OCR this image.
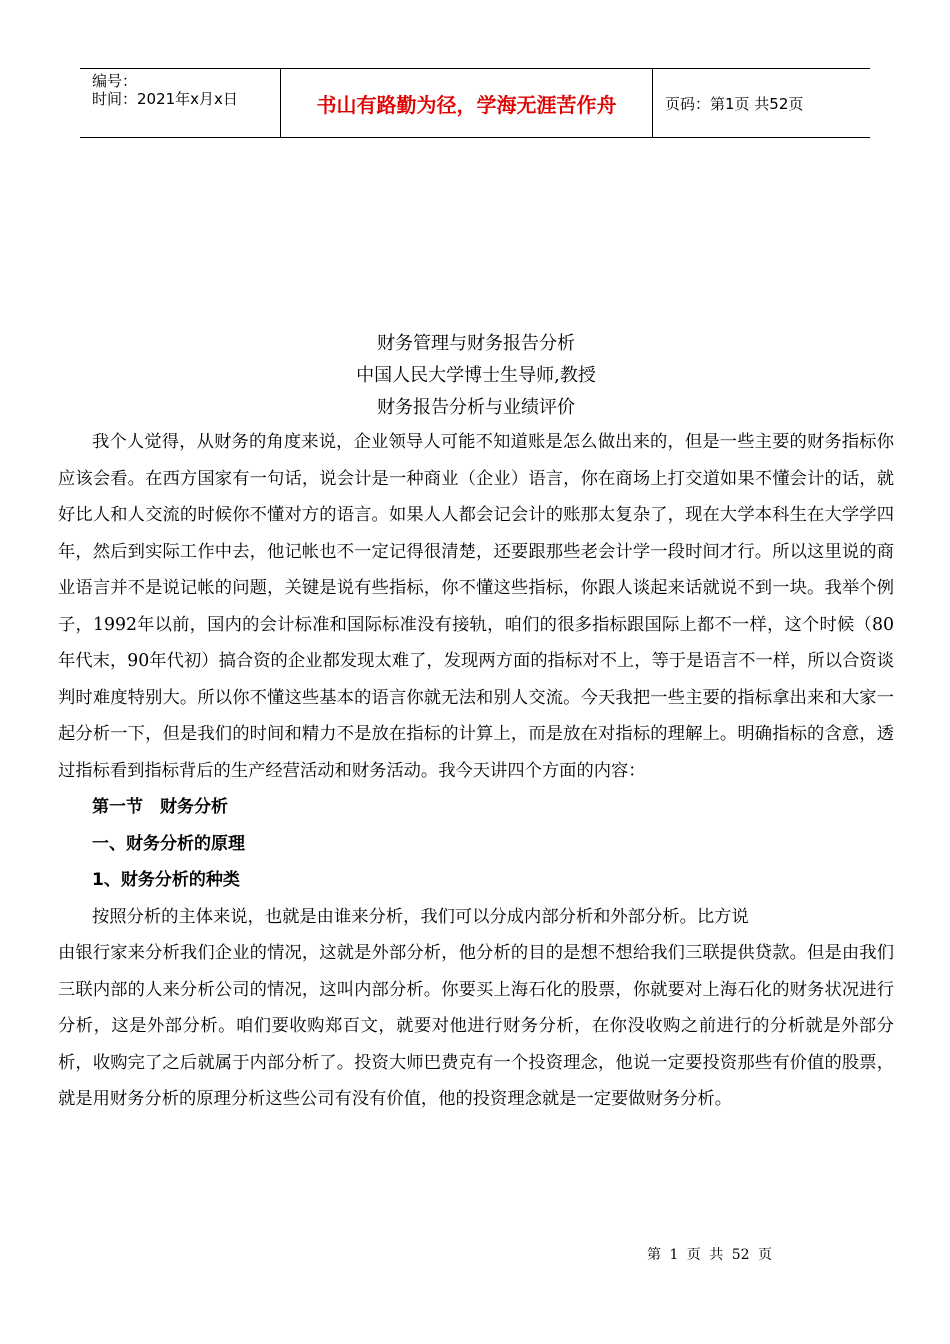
编号：
时间：2021年x月x日	书山有路勤为径，学海无涯苦作舟	页码：第1页 共52页
财务管理与财务报告分析
中国人民大学博士生导师,教授
财务报告分析与业绩评价

我个人觉得，从财务的角度来说，企业领导人可能不知道账是怎么做出来的，但是一些主要的财务指标你应该会看。在西方国家有一句话，说会计是一种商业（企业）语言，你在商场上打交道如果不懂会计的话，就好比人和人交流的时候你不懂对方的语言。如果人人都会记会计的账那太复杂了，现在大学本科生在大学学四年，然后到实际工作中去，他记帐也不一定记得很清楚，还要跟那些老会计学一段时间才行。所以这里说的商业语言并不是说记帐的问题，关键是说有些指标，你不懂这些指标，你跟人谈起来话就说不到一块。我举个例子，1992年以前，国内的会计标准和国际标准没有接轨，咱们的很多指标跟国际上都不一样，这个时候（80年代末，90年代初）搞合资的企业都发现太难了，发现两方面的指标对不上，等于是语言不一样，所以合资谈判时难度特别大。所以你不懂这些基本的语言你就无法和别人交流。今天我把一些主要的指标拿出来和大家一起分析一下，但是我们的时间和精力不是放在指标的计算上，而是放在对指标的理解上。明确指标的含意，透过指标看到指标背后的生产经营活动和财务活动。我今天讲四个方面的内容：

第一节　财务分析
一、财务分析的原理
1、财务分析的种类

按照分析的主体来说，也就是由谁来分析，我们可以分成内部分析和外部分析。比方说

由银行家来分析我们企业的情况，这就是外部分析，他分析的目的是想不想给我们三联提供贷款。但是由我们三联内部的人来分析公司的情况，这叫内部分析。你要买上海石化的股票，你就要对上海石化的财务状况进行分析，这是外部分析。咱们要收购郑百文，就要对他进行财务分析，在你没收购之前进行的分析就是外部分析，收购完了之后就属于内部分析了。投资大师巴费克有一个投资理念，他说一定要投资那些有价值的股票，就是用财务分析的原理分析这些公司有没有价值，他的投资理念就是一定要做财务分析。

第 1 页 共 52 页
